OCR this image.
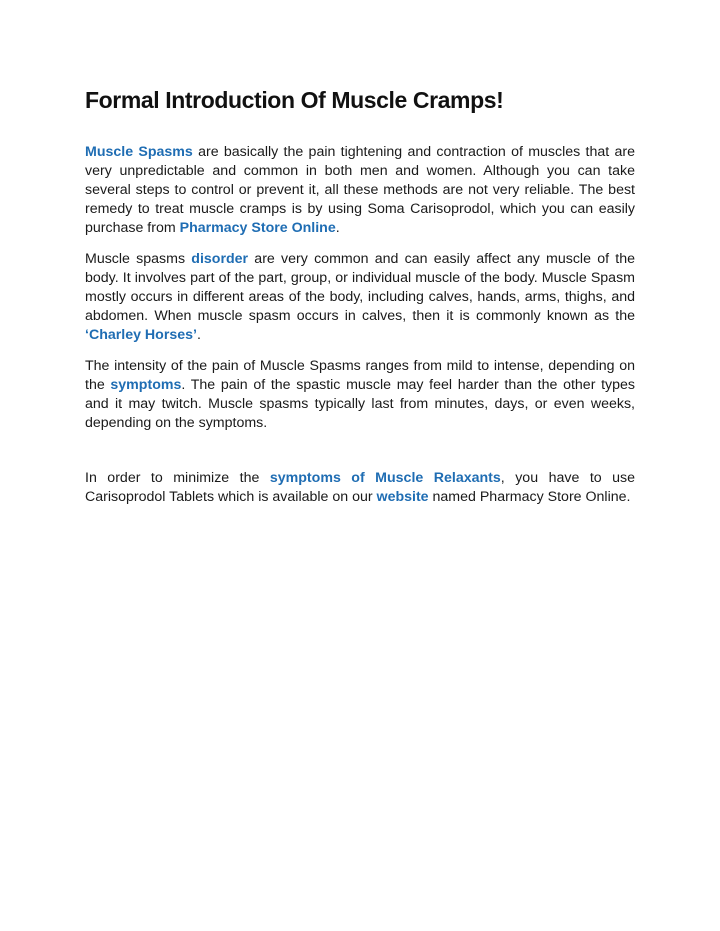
Formal Introduction Of Muscle Cramps!

Muscle Spasms are basically the pain tightening and contraction of muscles that are very unpredictable and common in both men and women. Although you can take several steps to control or prevent it, all these methods are not very reliable. The best remedy to treat muscle cramps is by using Soma Carisoprodol, which you can easily purchase from Pharmacy Store Online.

Muscle spasms disorder are very common and can easily affect any muscle of the body. It involves part of the part, group, or individual muscle of the body. Muscle Spasm mostly occurs in different areas of the body, including calves, hands, arms, thighs, and abdomen. When muscle spasm occurs in calves, then it is commonly known as the ‘Charley Horses’.

The intensity of the pain of Muscle Spasms ranges from mild to intense, depending on the symptoms. The pain of the spastic muscle may feel harder than the other types and it may twitch. Muscle spasms typically last from minutes, days, or even weeks, depending on the symptoms.

In order to minimize the symptoms of Muscle Relaxants, you have to use Carisoprodol Tablets which is available on our website named Pharmacy Store Online.
